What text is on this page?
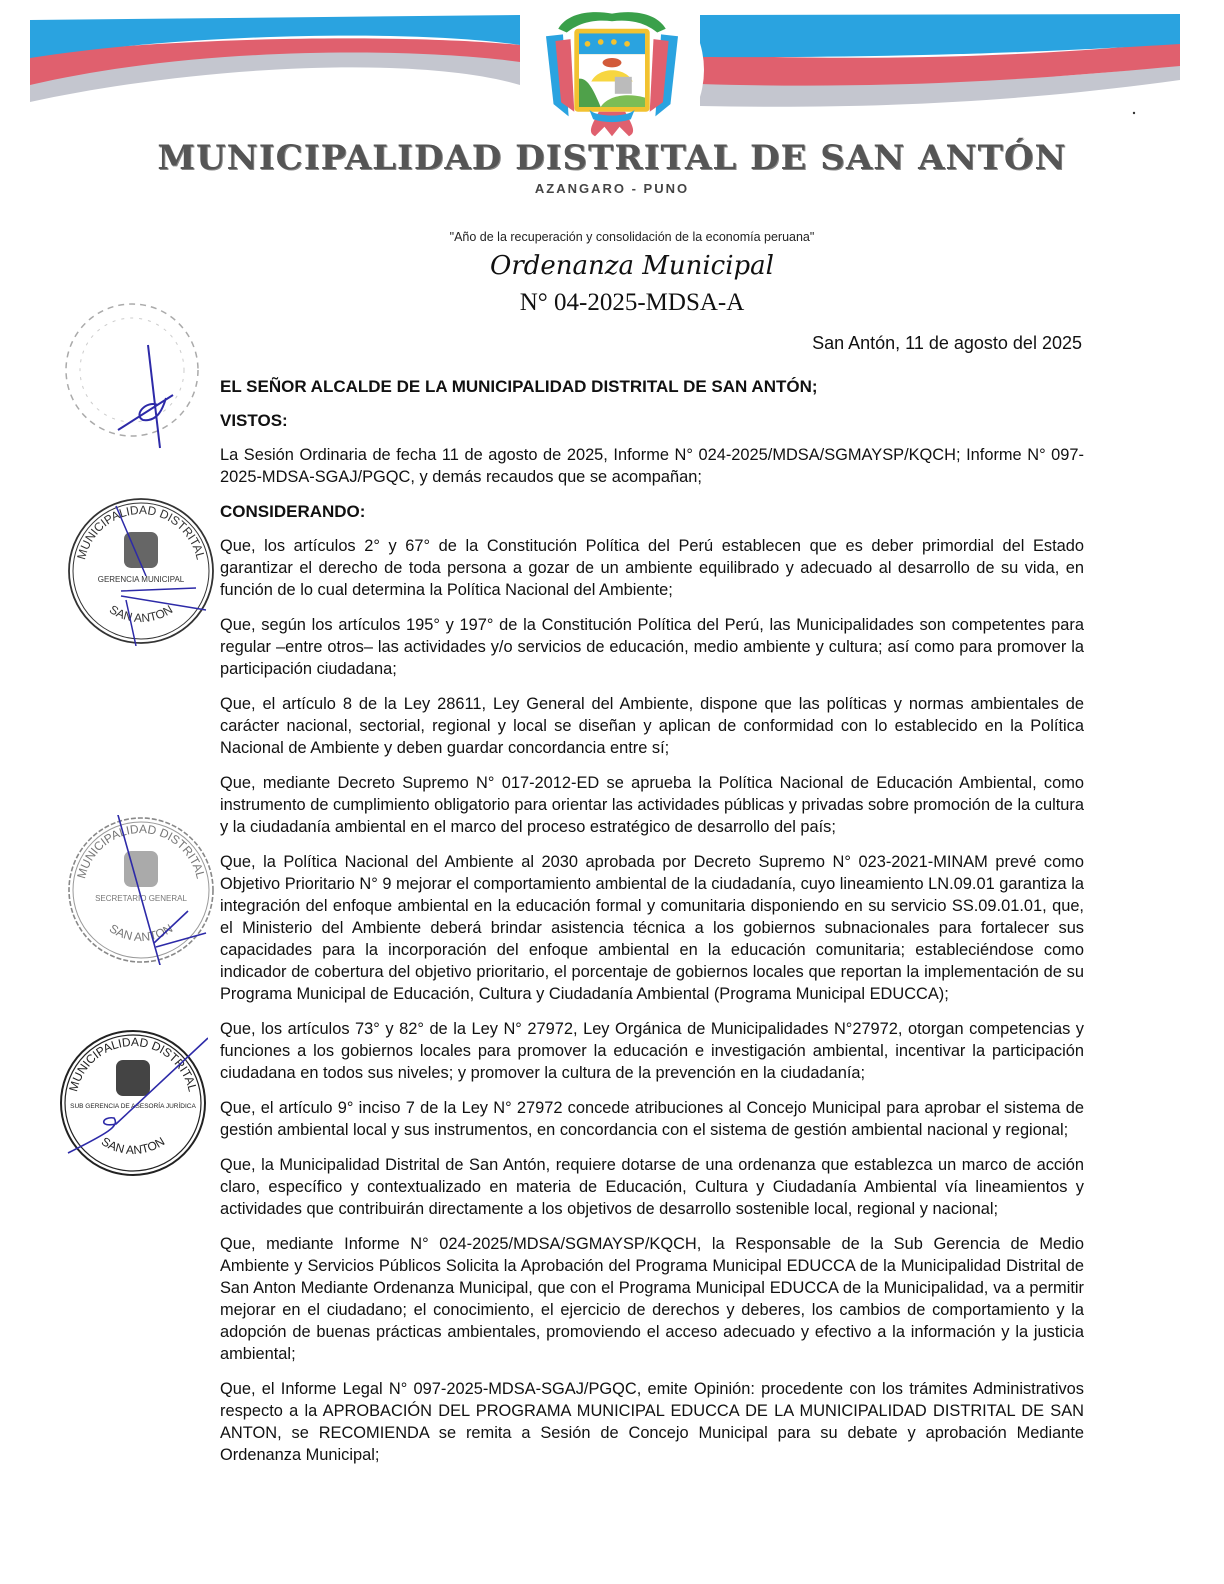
MUNICIPALIDAD DISTRITAL DE SAN ANTÓN
AZANGARO - PUNO
"Año de la recuperación y consolidación de la economía peruana"
Ordenanza Municipal
N° 04-2025-MDSA-A
San Antón, 11 de agosto del 2025

EL SEÑOR ALCALDE DE LA MUNICIPALIDAD DISTRITAL DE SAN ANTÓN;

VISTOS:

La Sesión Ordinaria de fecha 11 de agosto de 2025, Informe N° 024-2025/MDSA/SGMAYSP/KQCH; Informe N° 097-2025-MDSA-SGAJ/PGQC, y demás recaudos que se acompañan;

CONSIDERANDO:

Que, los artículos 2° y 67° de la Constitución Política del Perú establecen que es deber primordial del Estado garantizar el derecho de toda persona a gozar de un ambiente equilibrado y adecuado al desarrollo de su vida, en función de lo cual determina la Política Nacional del Ambiente;

Que, según los artículos 195° y 197° de la Constitución Política del Perú, las Municipalidades son competentes para regular –entre otros– las actividades y/o servicios de educación, medio ambiente y cultura; así como para promover la participación ciudadana;

Que, el artículo 8 de la Ley 28611, Ley General del Ambiente, dispone que las políticas y normas ambientales de carácter nacional, sectorial, regional y local se diseñan y aplican de conformidad con lo establecido en la Política Nacional de Ambiente y deben guardar concordancia entre sí;

Que, mediante Decreto Supremo N° 017-2012-ED se aprueba la Política Nacional de Educación Ambiental, como instrumento de cumplimiento obligatorio para orientar las actividades públicas y privadas sobre promoción de la cultura y la ciudadanía ambiental en el marco del proceso estratégico de desarrollo del país;

Que, la Política Nacional del Ambiente al 2030 aprobada por Decreto Supremo N° 023-2021-MINAM prevé como Objetivo Prioritario N° 9 mejorar el comportamiento ambiental de la ciudadanía, cuyo lineamiento LN.09.01 garantiza la integración del enfoque ambiental en la educación formal y comunitaria disponiendo en su servicio SS.09.01.01, que, el Ministerio del Ambiente deberá brindar asistencia técnica a los gobiernos subnacionales para fortalecer sus capacidades para la incorporación del enfoque ambiental en la educación comunitaria; estableciéndose como indicador de cobertura del objetivo prioritario, el porcentaje de gobiernos locales que reportan la implementación de su Programa Municipal de Educación, Cultura y Ciudadanía Ambiental (Programa Municipal EDUCCA);

Que, los artículos 73° y 82° de la Ley N° 27972, Ley Orgánica de Municipalidades N°27972, otorgan competencias y funciones a los gobiernos locales para promover la educación e investigación ambiental, incentivar la participación ciudadana en todos sus niveles; y promover la cultura de la prevención en la ciudadanía;

Que, el artículo 9° inciso 7 de la Ley N° 27972 concede atribuciones al Concejo Municipal para aprobar el sistema de gestión ambiental local y sus instrumentos, en concordancia con el sistema de gestión ambiental nacional y regional;

Que, la Municipalidad Distrital de San Antón, requiere dotarse de una ordenanza que establezca un marco de acción claro, específico y contextualizado en materia de Educación, Cultura y Ciudadanía Ambiental vía lineamientos y actividades que contribuirán directamente a los objetivos de desarrollo sostenible local, regional y nacional;

Que, mediante Informe N° 024-2025/MDSA/SGMAYSP/KQCH, la Responsable de la Sub Gerencia de Medio Ambiente y Servicios Públicos Solicita la Aprobación del Programa Municipal EDUCCA de la Municipalidad Distrital de San Anton Mediante Ordenanza Municipal, que con el Programa Municipal EDUCCA de la Municipalidad, va a permitir mejorar en el ciudadano; el conocimiento, el ejercicio de derechos y deberes, los cambios de comportamiento y la adopción de buenas prácticas ambientales, promoviendo el acceso adecuado y efectivo a la información y la justicia ambiental;

Que, el Informe Legal N° 097-2025-MDSA-SGAJ/PGQC, emite Opinión: procedente con los trámites Administrativos respecto a la APROBACIÓN DEL PROGRAMA MUNICIPAL EDUCCA DE LA MUNICIPALIDAD DISTRITAL DE SAN ANTON, se RECOMIENDA se remita a Sesión de Concejo Municipal para su debate y aprobación Mediante Ordenanza Municipal;

MUNICIPALIDAD DISTRITAL
SAN ANTON
GERENCIA MUNICIPAL
MUNICIPALIDAD DISTRITAL
SAN ANTON
SECRETARIO GENERAL
MUNICIPALIDAD DISTRITAL
SAN ANTON
SUB GERENCIA DE ASESORÍA JURÍDICA
